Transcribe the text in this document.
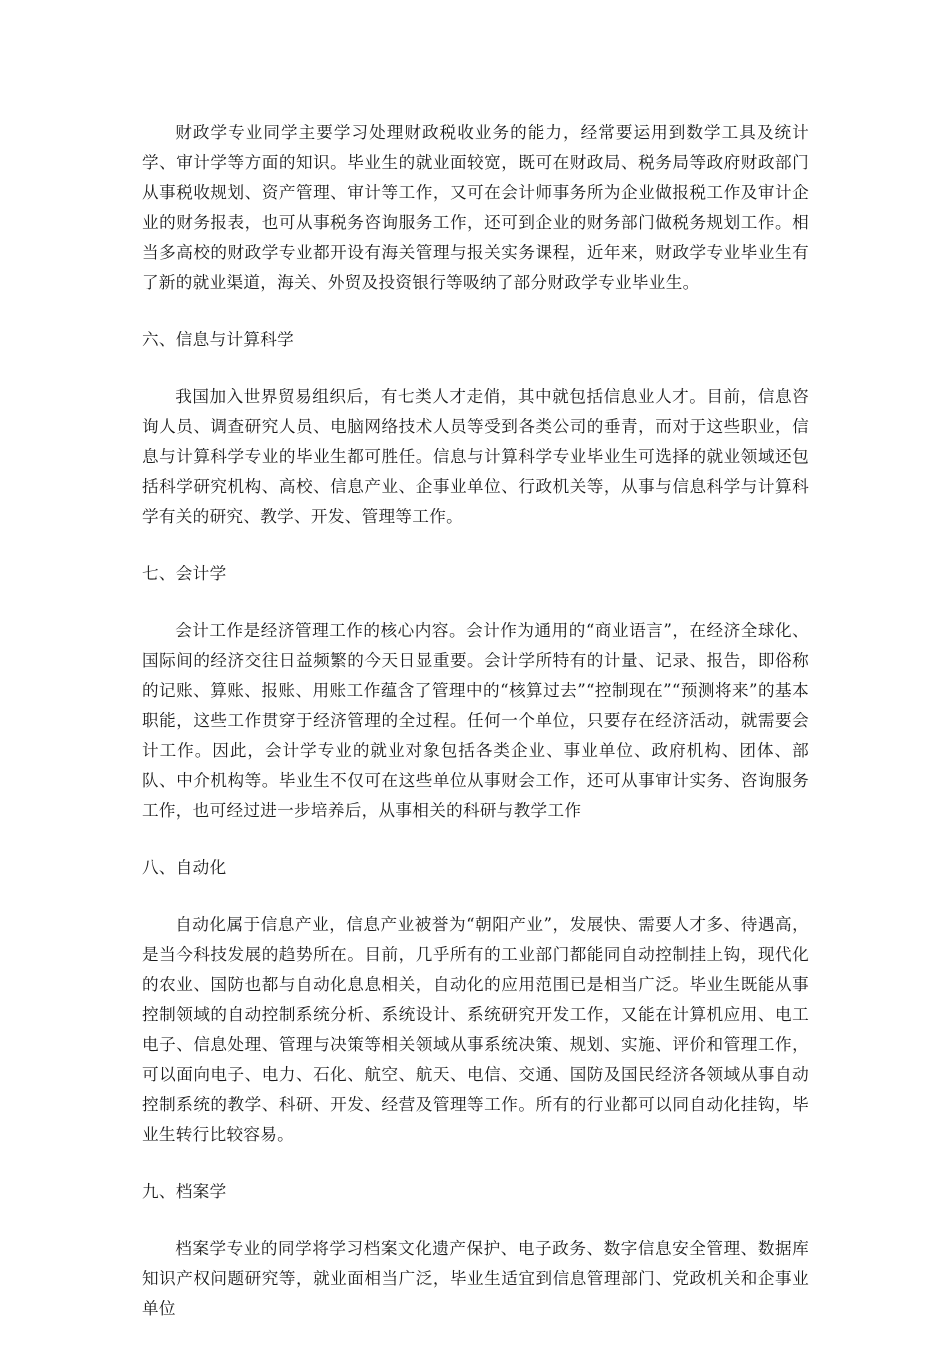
财政学专业同学主要学习处理财政税收业务的能力，经常要运用到数学工具及统计学、审计学等方面的知识。毕业生的就业面较宽，既可在财政局、税务局等政府财政部门从事税收规划、资产管理、审计等工作，又可在会计师事务所为企业做报税工作及审计企业的财务报表，也可从事税务咨询服务工作，还可到企业的财务部门做税务规划工作。相当多高校的财政学专业都开设有海关管理与报关实务课程，近年来，财政学专业毕业生有了新的就业渠道，海关、外贸及投资银行等吸纳了部分财政学专业毕业生。

六、信息与计算科学

我国加入世界贸易组织后，有七类人才走俏，其中就包括信息业人才。目前，信息咨询人员、调查研究人员、电脑网络技术人员等受到各类公司的垂青，而对于这些职业，信息与计算科学专业的毕业生都可胜任。信息与计算科学专业毕业生可选择的就业领域还包括科学研究机构、高校、信息产业、企事业单位、行政机关等，从事与信息科学与计算科学有关的研究、教学、开发、管理等工作。

七、会计学

会计工作是经济管理工作的核心内容。会计作为通用的“商业语言”，在经济全球化、国际间的经济交往日益频繁的今天日显重要。会计学所特有的计量、记录、报告，即俗称的记账、算账、报账、用账工作蕴含了管理中的“核算过去”“控制现在”“预测将来”的基本职能，这些工作贯穿于经济管理的全过程。任何一个单位，只要存在经济活动，就需要会计工作。因此，会计学专业的就业对象包括各类企业、事业单位、政府机构、团体、部队、中介机构等。毕业生不仅可在这些单位从事财会工作，还可从事审计实务、咨询服务工作，也可经过进一步培养后，从事相关的科研与教学工作

八、自动化

自动化属于信息产业，信息产业被誉为“朝阳产业”，发展快、需要人才多、待遇高，是当今科技发展的趋势所在。目前，几乎所有的工业部门都能同自动控制挂上钩，现代化的农业、国防也都与自动化息息相关，自动化的应用范围已是相当广泛。毕业生既能从事控制领域的自动控制系统分析、系统设计、系统研究开发工作，又能在计算机应用、电工电子、信息处理、管理与决策等相关领域从事系统决策、规划、实施、评价和管理工作，可以面向电子、电力、石化、航空、航天、电信、交通、国防及国民经济各领域从事自动控制系统的教学、科研、开发、经营及管理等工作。所有的行业都可以同自动化挂钩，毕业生转行比较容易。

九、档案学

档案学专业的同学将学习档案文化遗产保护、电子政务、数字信息安全管理、数据库知识产权问题研究等，就业面相当广泛，毕业生适宜到信息管理部门、党政机关和企事业单位
